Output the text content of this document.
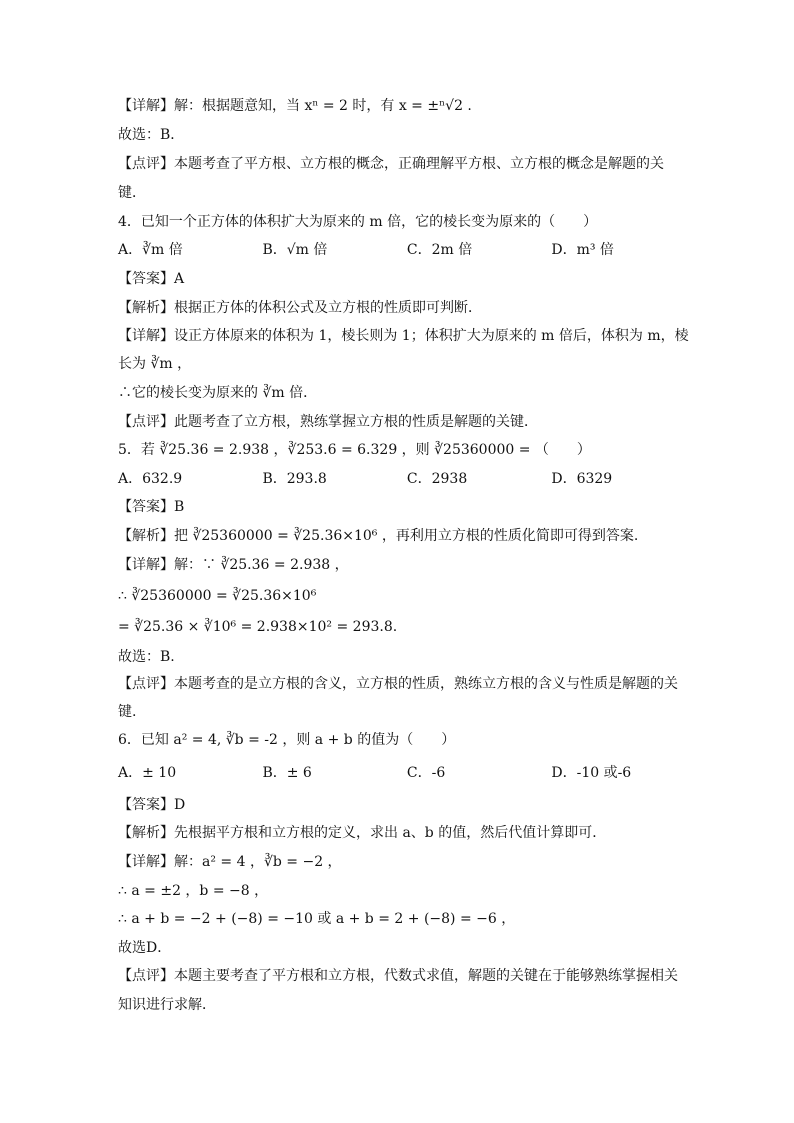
【详解】解：根据题意知，当 xⁿ = 2 时，有 x = ±ⁿ√2 .
故选：B．
【点评】本题考查了平方根、立方根的概念，正确理解平方根、立方根的概念是解题的关
键．
4．已知一个正方体的体积扩大为原来的 m 倍，它的棱长变为原来的（　　）
A．∛m 倍	B．√m 倍	C．2m 倍	D．m³ 倍
【答案】A
【解析】根据正方体的体积公式及立方根的性质即可判断．
【详解】设正方体原来的体积为 1，棱长则为 1；体积扩大为原来的 m 倍后，体积为 m，棱
长为 ∛m ，
∴它的棱长变为原来的 ∛m 倍．
【点评】此题考查了立方根，熟练掌握立方根的性质是解题的关键．
5．若 ∛25.36 = 2.938 ，∛253.6 = 6.329 ，则 ∛25360000 = （　　）
A．632.9	B．293.8	C．2938	D．6329
【答案】B
【解析】把 ∛25360000 = ∛25.36×10⁶ ，再利用立方根的性质化简即可得到答案.
【详解】解：∵ ∛25.36 = 2.938 ，
∴ ∛25360000 = ∛25.36×10⁶
= ∛25.36 × ∛10⁶ = 2.938×10² = 293.8.
故选：B.
【点评】本题考查的是立方根的含义，立方根的性质，熟练立方根的含义与性质是解题的关
键.
6．已知 a² = 4, ∛b = -2 ，则 a + b 的值为（　　）
A．± 10	B．± 6	C．-6	D．-10 或-6
【答案】D
【解析】先根据平方根和立方根的定义，求出 a、b 的值，然后代值计算即可．
【详解】解：a² = 4 ，∛b = −2 ，
∴ a = ±2 ，b = −8 ，
∴ a + b = −2 + (−8) = −10 或 a + b = 2 + (−8) = −6 ，
故选D．
【点评】本题主要考查了平方根和立方根，代数式求值，解题的关键在于能够熟练掌握相关
知识进行求解．
